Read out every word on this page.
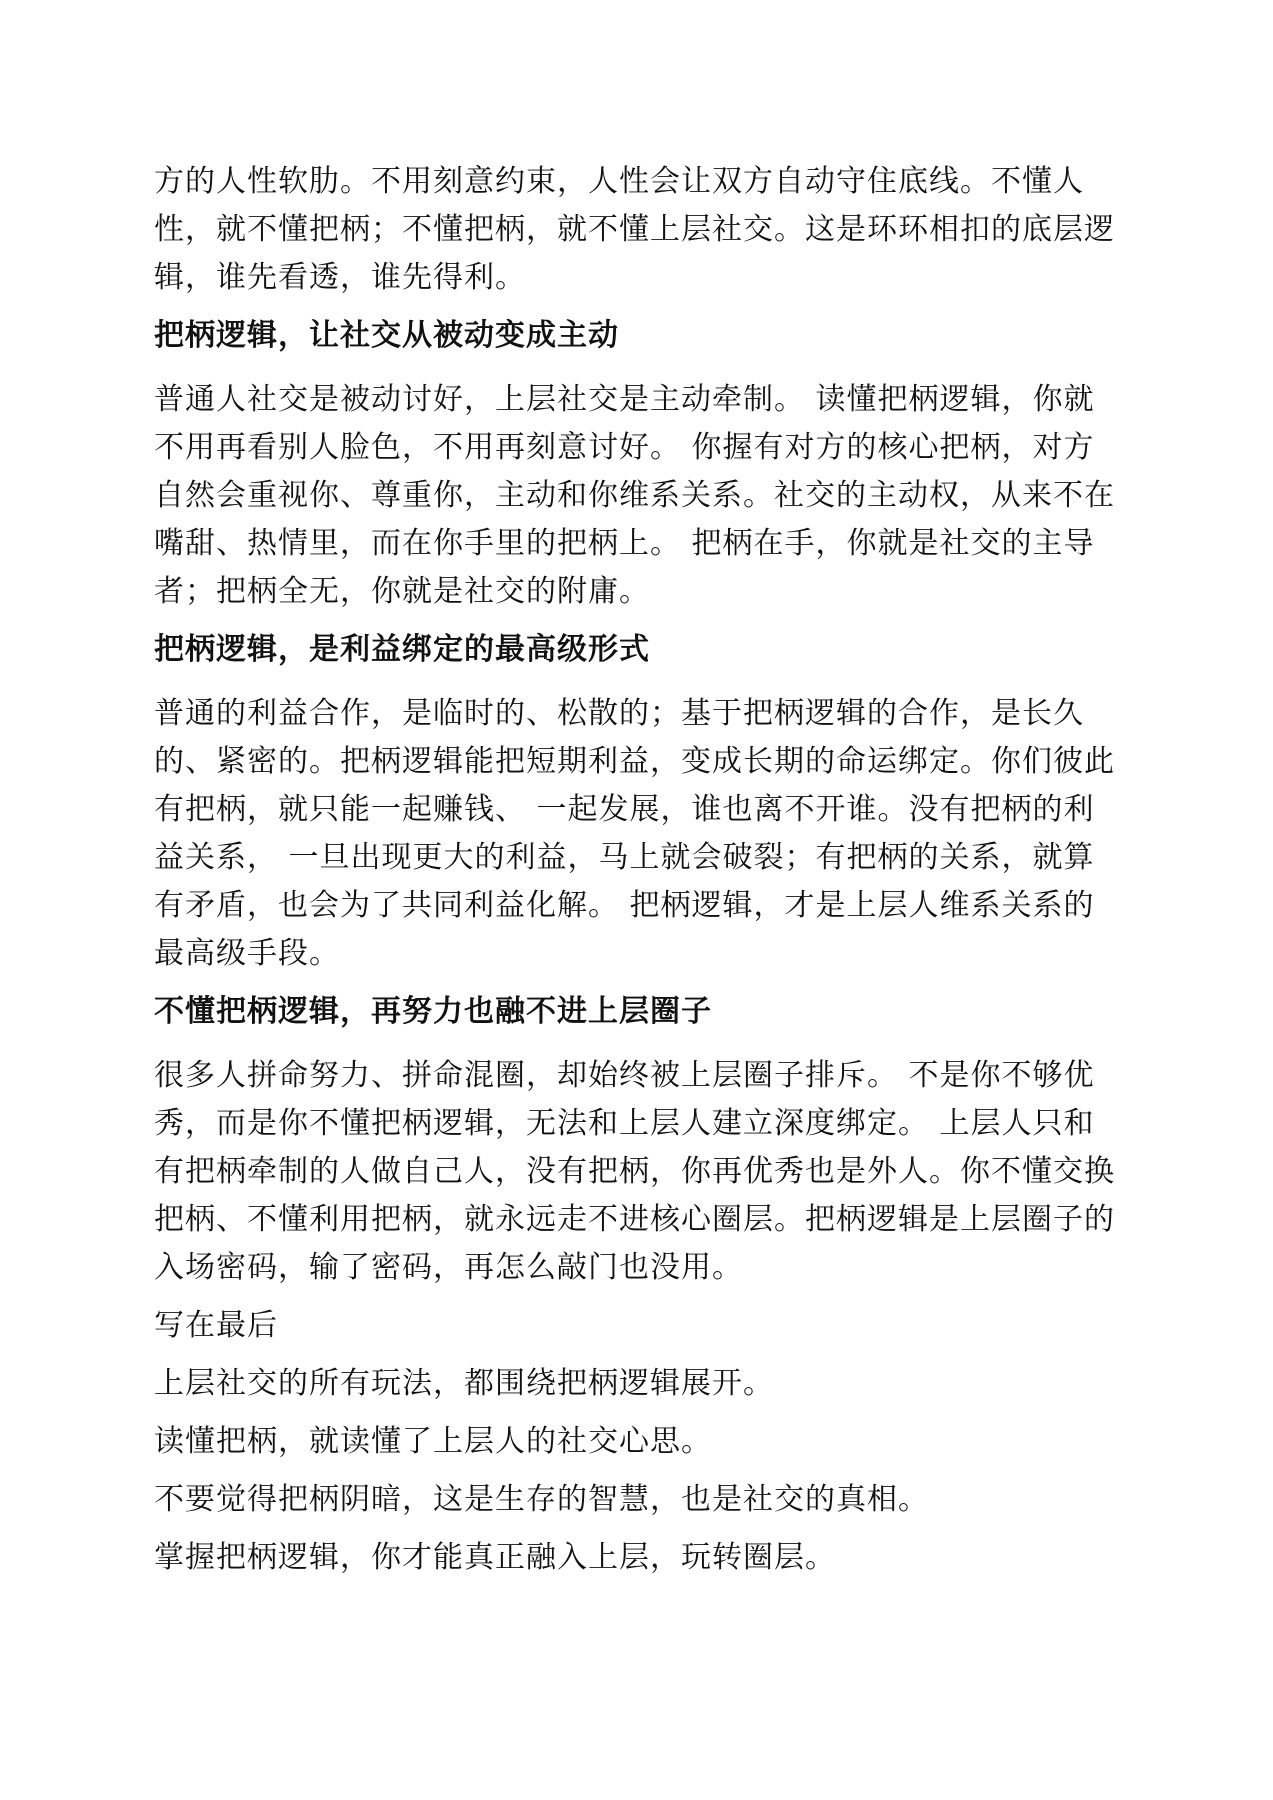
方的人性软肋。不用刻意约束，人性会让双方自动守住底线。不懂人性，就不懂把柄；不懂把柄，就不懂上层社交。这是环环相扣的底层逻辑，谁先看透，谁先得利。

把柄逻辑，让社交从被动变成主动

普通人社交是被动讨好，上层社交是主动牵制。 读懂把柄逻辑，你就不用再看别人脸色，不用再刻意讨好。 你握有对方的核心把柄，对方自然会重视你、尊重你，主动和你维系关系。社交的主动权，从来不在嘴甜、热情里，而在你手里的把柄上。 把柄在手，你就是社交的主导者；把柄全无，你就是社交的附庸。

把柄逻辑，是利益绑定的最高级形式

普通的利益合作，是临时的、松散的；基于把柄逻辑的合作，是长久的、紧密的。把柄逻辑能把短期利益，变成长期的命运绑定。你们彼此有把柄，就只能一起赚钱、 一起发展，谁也离不开谁。没有把柄的利益关系， 一旦出现更大的利益，马上就会破裂；有把柄的关系，就算有矛盾，也会为了共同利益化解。 把柄逻辑，才是上层人维系关系的最高级手段。

不懂把柄逻辑，再努力也融不进上层圈子

很多人拼命努力、拼命混圈，却始终被上层圈子排斥。 不是你不够优秀，而是你不懂把柄逻辑，无法和上层人建立深度绑定。 上层人只和有把柄牵制的人做自己人，没有把柄，你再优秀也是外人。你不懂交换把柄、不懂利用把柄，就永远走不进核心圈层。把柄逻辑是上层圈子的入场密码，输了密码，再怎么敲门也没用。

写在最后

上层社交的所有玩法，都围绕把柄逻辑展开。

读懂把柄，就读懂了上层人的社交心思。

不要觉得把柄阴暗，这是生存的智慧，也是社交的真相。

掌握把柄逻辑，你才能真正融入上层，玩转圈层。
